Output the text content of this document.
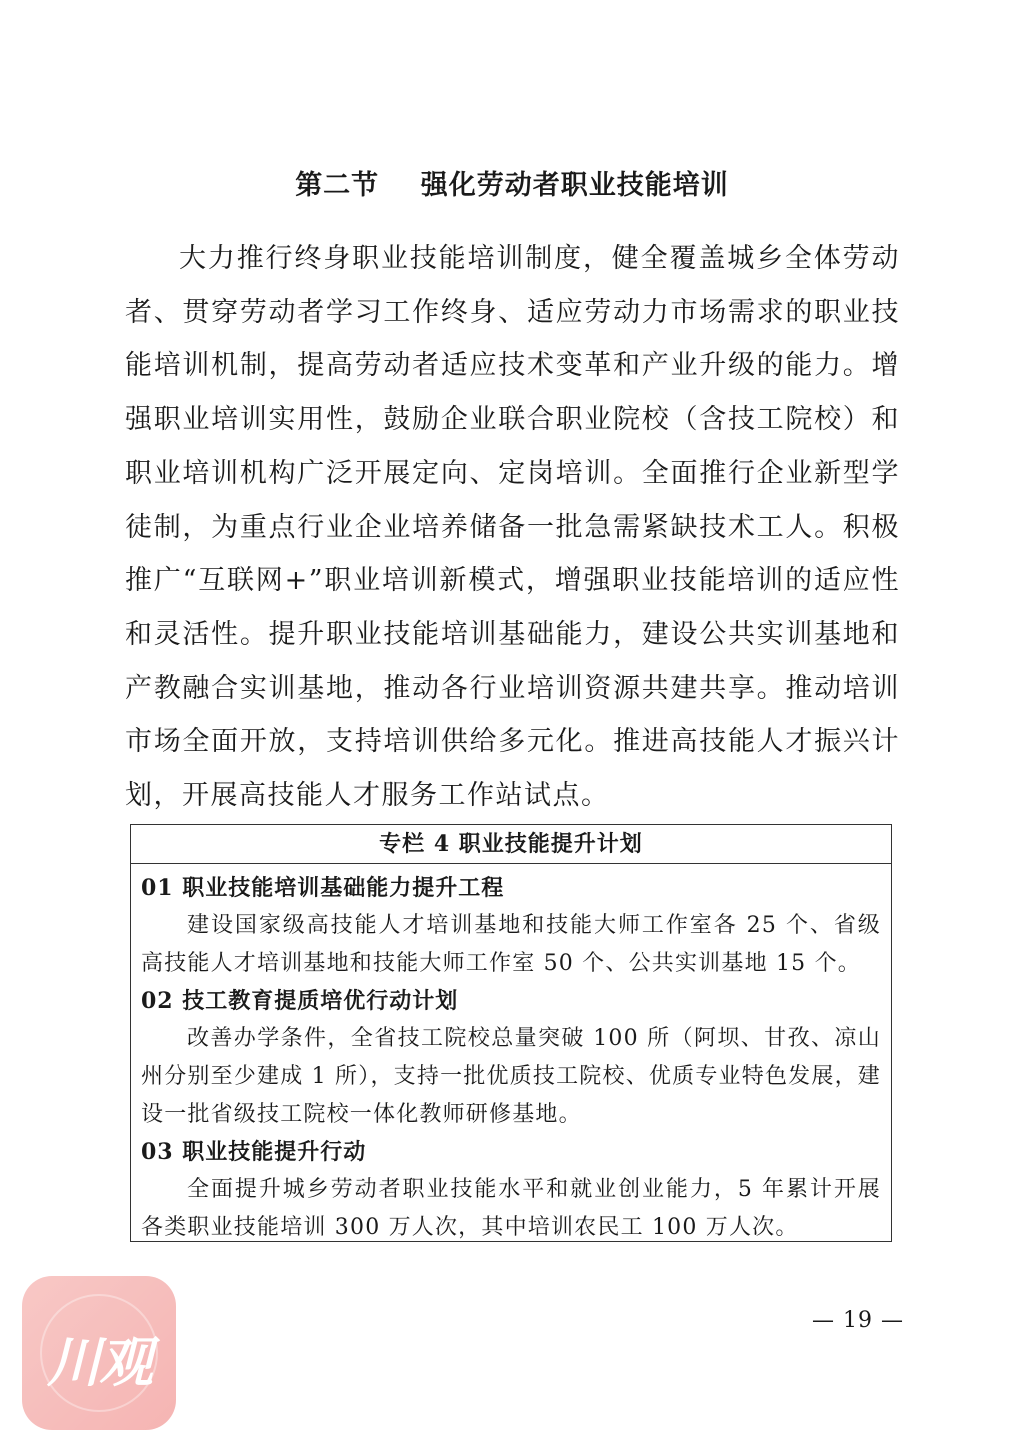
第二节    强化劳动者职业技能培训

大力推行终身职业技能培训制度，健全覆盖城乡全体劳动者、贯穿劳动者学习工作终身、适应劳动力市场需求的职业技能培训机制，提高劳动者适应技术变革和产业升级的能力。增强职业培训实用性，鼓励企业联合职业院校（含技工院校）和职业培训机构广泛开展定向、定岗培训。全面推行企业新型学徒制，为重点行业企业培养储备一批急需紧缺技术工人。积极推广“互联网+”职业培训新模式，增强职业技能培训的适应性和灵活性。提升职业技能培训基础能力，建设公共实训基地和产教融合实训基地，推动各行业培训资源共建共享。推动培训市场全面开放，支持培训供给多元化。推进高技能人才振兴计划，开展高技能人才服务工作站试点。

专栏 4 职业技能提升计划
01 职业技能培训基础能力提升工程

建设国家级高技能人才培训基地和技能大师工作室各 25 个、省级高技能人才培训基地和技能大师工作室 50 个、公共实训基地 15 个。

02 技工教育提质培优行动计划

改善办学条件，全省技工院校总量突破 100 所（阿坝、甘孜、凉山州分别至少建成 1 所），支持一批优质技工院校、优质专业特色发展，建设一批省级技工院校一体化教师研修基地。

03 职业技能提升行动

全面提升城乡劳动者职业技能水平和就业创业能力，5 年累计开展各类职业技能培训 300 万人次，其中培训农民工 100 万人次。

— 19 —
川观
